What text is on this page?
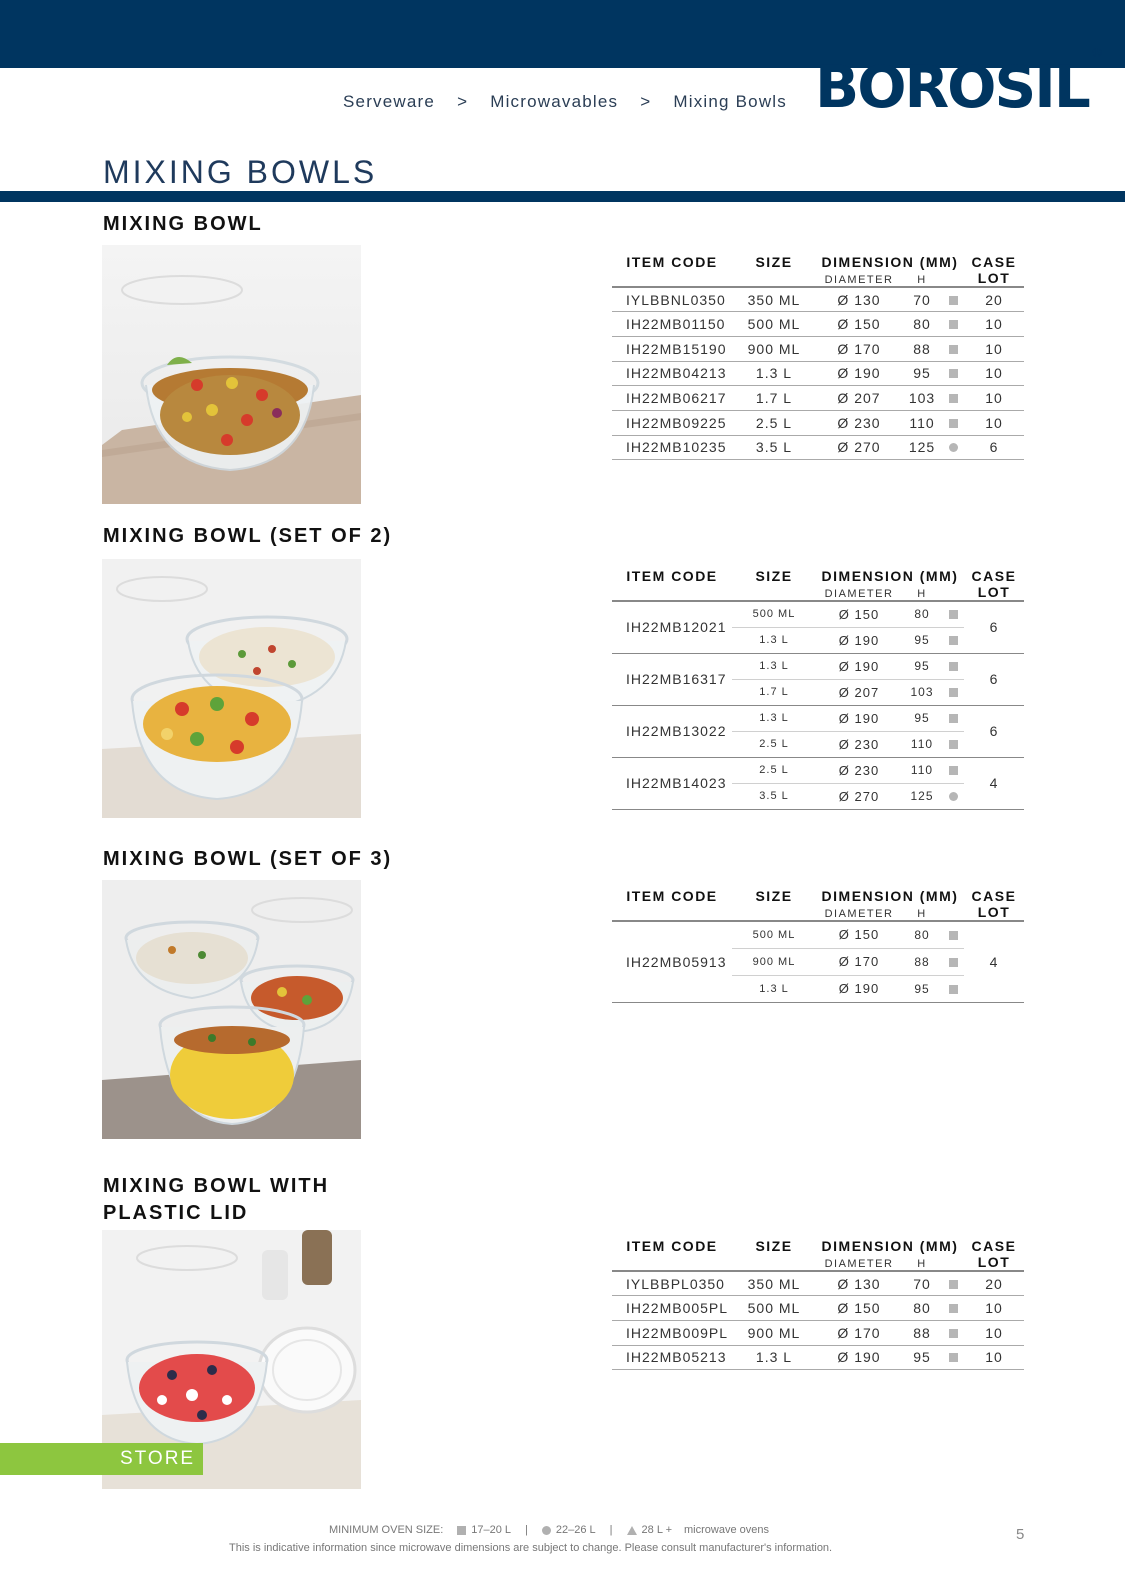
Serveware > Microwavables > Mixing Bowls BOROSIL ®
MIXING BOWLS
MIXING BOWL
ITEM CODE	SIZE	DIMENSION (MM)			CASE
		DIAMETER	H		LOT
IYLBBNL0350	350 ML	Ø 130	70		20
IH22MB01150	500 ML	Ø 150	80		10
IH22MB15190	900 ML	Ø 170	88		10
IH22MB04213	1.3 L	Ø 190	95		10
IH22MB06217	1.7 L	Ø 207	103		10
IH22MB09225	2.5 L	Ø 230	110		10
IH22MB10235	3.5 L	Ø 270	125		6
MIXING BOWL (SET OF 2)
ITEM CODE	SIZE	DIMENSION (MM)			CASE
		DIAMETER	H		LOT
IH22MB12021	500 ML	Ø 150	80		6
	1.3 L	Ø 190	95		
IH22MB16317	1.3 L	Ø 190	95		6
	1.7 L	Ø 207	103		
IH22MB13022	1.3 L	Ø 190	95		6
	2.5 L	Ø 230	110		
IH22MB14023	2.5 L	Ø 230	110		4
	3.5 L	Ø 270	125		
MIXING BOWL (SET OF 3)
ITEM CODE	SIZE	DIMENSION (MM)			CASE
		DIAMETER	H		LOT
IH22MB05913	500 ML	Ø 150	80		4
	900 ML	Ø 170	88		
	1.3 L	Ø 190	95		
MIXING BOWL WITH
PLASTIC LID
ITEM CODE	SIZE	DIMENSION (MM)			CASE
		DIAMETER	H		LOT
IYLBBPL0350	350 ML	Ø 130	70		20
IH22MB005PL	500 ML	Ø 150	80		10
IH22MB009PL	900 ML	Ø 170	88		10
IH22MB05213	1.3 L	Ø 190	95		10
STORE
MINIMUM OVEN SIZE:	17–20 L |	22–26 L |	28 L + microwave ovens
This is indicative information since microwave dimensions are subject to change. Please consult manufacturer's information.
5
